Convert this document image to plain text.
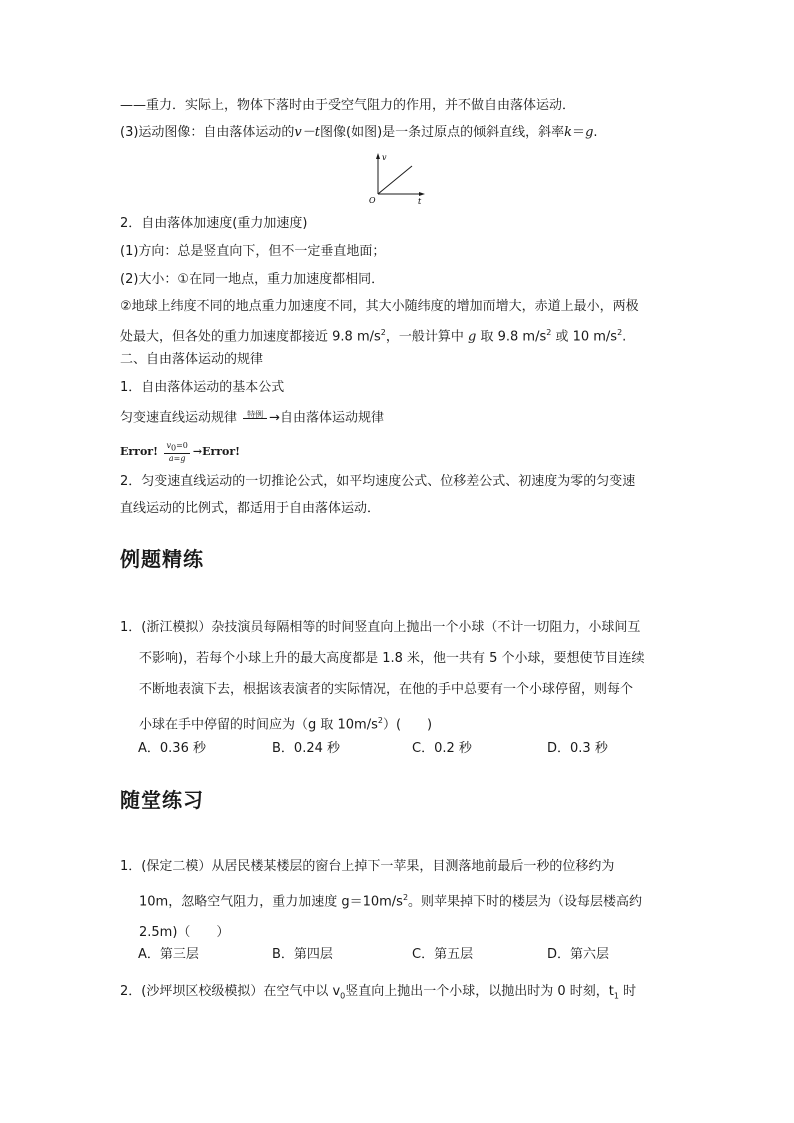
——重力．实际上，物体下落时由于受空气阻力的作用，并不做自由落体运动．
(3)运动图像：自由落体运动的v－t图像(如图)是一条过原点的倾斜直线，斜率k＝g.
v
t
O
2．自由落体加速度(重力加速度)
(1)方向：总是竖直向下，但不一定垂直地面；
(2)大小：①在同一地点，重力加速度都相同．
②地球上纬度不同的地点重力加速度不同，其大小随纬度的增加而增大，赤道上最小，两极
处最大，但各处的重力加速度都接近 9.8 $m/s^2$，一般计算中 g 取 9.8 $m/s^2$ 或 10 $m/s^2$.
二、自由落体运动的规律
1．自由落体运动的基本公式
匀变速直线运动规律 特例 →自由落体运动规律
Error! $\frac{v_0=0}{a=g}$ →Error!
2．匀变速直线运动的一切推论公式，如平均速度公式、位移差公式、初速度为零的匀变速
直线运动的比例式，都适用于自由落体运动．
例题精练
1．(浙江模拟）杂技演员每隔相等的时间竖直向上抛出一个小球（不计一切阻力，小球间互
不影响)，若每个小球上升的最大高度都是 1.8 米，他一共有 5 个小球，要想使节目连续
不断地表演下去，根据该表演者的实际情况，在他的手中总要有一个小球停留，则每个
小球在手中停留的时间应为（g 取 $10m/s^2$）(　　)
A．0.36 秒	B．0.24 秒	C．0.2 秒	D．0.3 秒
随堂练习
1．(保定二模）从居民楼某楼层的窗台上掉下一苹果，目测落地前最后一秒的位移约为
10m，忽略空气阻力，重力加速度 $g=10m/s^2$。则苹果掉下时的楼层为（设每层楼高约
2.5m)（　　）
A．第三层	B．第四层	C．第五层	D．第六层
2．(沙坪坝区校级模拟）在空气中以 $v_0$竖直向上抛出一个小球，以抛出时为 0 时刻，$t_1$ 时
